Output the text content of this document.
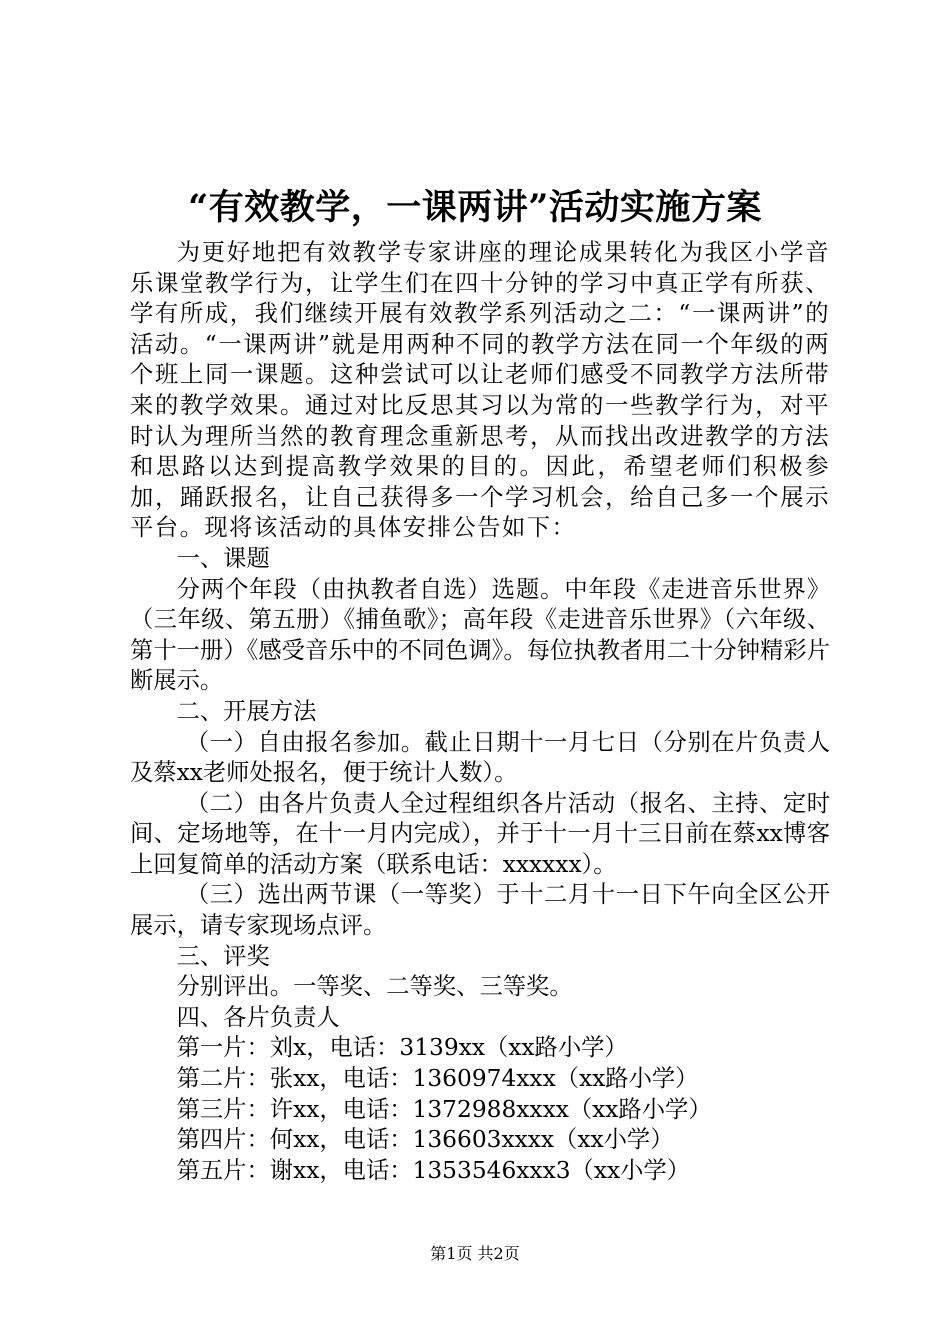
“有效教学，一课两讲”活动实施方案

为更好地把有效教学专家讲座的理论成果转化为我区小学音乐课堂教学行为，让学生们在四十分钟的学习中真正学有所获、学有所成，我们继续开展有效教学系列活动之二：“一课两讲”的活动。“一课两讲”就是用两种不同的教学方法在同一个年级的两个班上同一课题。这种尝试可以让老师们感受不同教学方法所带来的教学效果。通过对比反思其习以为常的一些教学行为，对平时认为理所当然的教育理念重新思考，从而找出改进教学的方法和思路以达到提高教学效果的目的。因此，希望老师们积极参加，踊跃报名，让自己获得多一个学习机会，给自己多一个展示平台。现将该活动的具体安排公告如下：

一、课题

分两个年段（由执教者自选）选题。中年段《走进音乐世界》（三年级、第五册）《捕鱼歌》；高年段《走进音乐世界》（六年级、第十一册）《感受音乐中的不同色调》。每位执教者用二十分钟精彩片断展示。

二、开展方法

（一）自由报名参加。截止日期十一月七日（分别在片负责人及蔡xx老师处报名，便于统计人数）。

（二）由各片负责人全过程组织各片活动（报名、主持、定时间、定场地等，在十一月内完成），并于十一月十三日前在蔡xx博客上回复简单的活动方案（联系电话：xxxxxx）。

（三）选出两节课（一等奖）于十二月十一日下午向全区公开展示，请专家现场点评。

三、评奖

分别评出。一等奖、二等奖、三等奖。

四、各片负责人

第一片：刘x，电话：3139xx（xx路小学）

第二片：张xx，电话：1360974xxx（xx路小学）

第三片：许xx，电话：1372988xxxx（xx路小学）

第四片：何xx，电话：136603xxxx（xx小学）

第五片：谢xx，电话：1353546xxx3（xx小学）

第1页 共2页
